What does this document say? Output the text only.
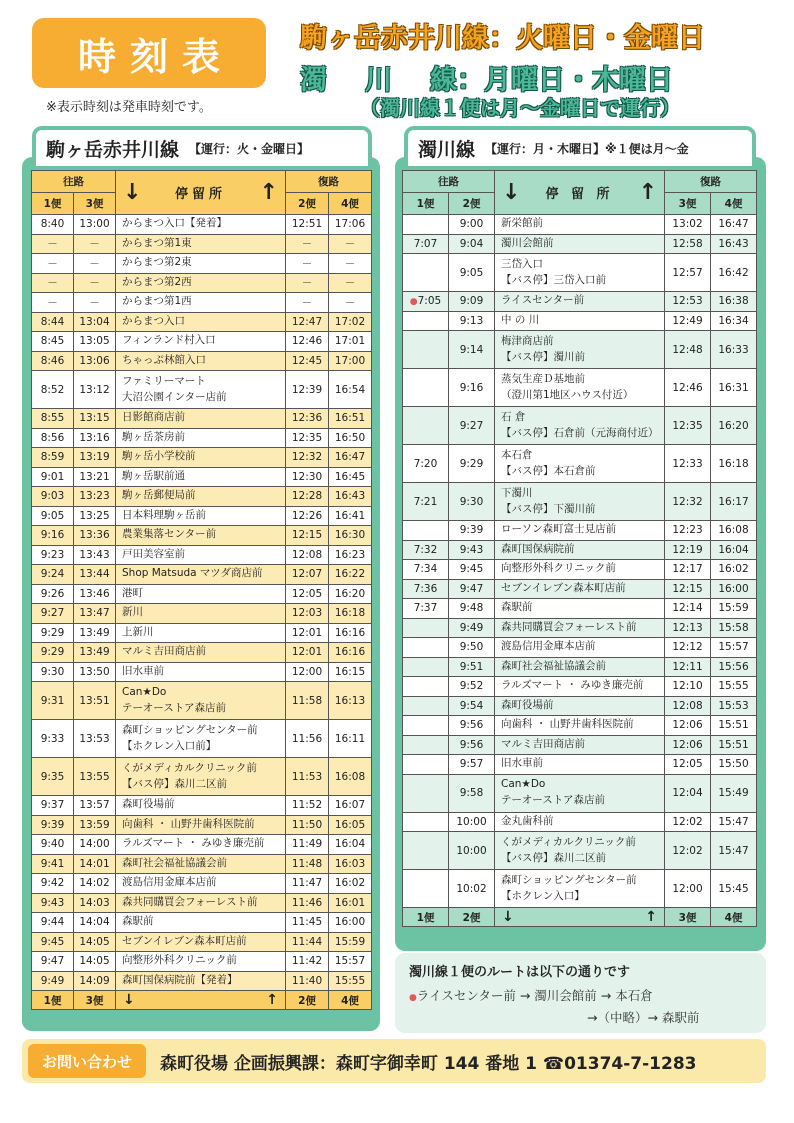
時刻表
※表示時刻は発車時刻です。
駒ヶ岳赤井川線：火曜日・金曜日
濁 川 線：月曜日・木曜日
（濁川線１便は月～金曜日で運行）
駒ヶ岳赤井川線 【運行：火・金曜日】	濁川線 【運行：月・木曜日】※１便は月～金
往路		↓ 停留所 ↑	復路	
1便	3便		2便	4便
8:40	13:00	からまつ入口【発着】	12:51	17:06
－	－	からまつ第1東	－	－
－	－	からまつ第2東	－	－
－	－	からまつ第2西	－	－
－	－	からまつ第1西	－	－
8:44	13:04	からまつ入口	12:47	17:02
8:45	13:05	フィンランド村入口	12:46	17:01
8:46	13:06	ちゃっぷ林館入口	12:45	17:00
8:52	13:12	ファミリーマート
大沼公園インター店前	12:39	16:54
8:55	13:15	日影館商店前	12:36	16:51
8:56	13:16	駒ヶ岳茶房前	12:35	16:50
8:59	13:19	駒ヶ岳小学校前	12:32	16:47
9:01	13:21	駒ヶ岳駅前通	12:30	16:45
9:03	13:23	駒ヶ岳郵便局前	12:28	16:43
9:05	13:25	日本料理駒ヶ岳前	12:26	16:41
9:16	13:36	農業集落センター前	12:15	16:30
9:23	13:43	戸田美容室前	12:08	16:23
9:24	13:44	Shop Matsuda マツダ商店前	12:07	16:22
9:26	13:46	港町	12:05	16:20
9:27	13:47	新川	12:03	16:18
9:29	13:49	上新川	12:01	16:16
9:29	13:49	マルミ吉田商店前	12:01	16:16
9:30	13:50	旧水車前	12:00	16:15
9:31	13:51	Can★Do
テーオーストア森店前	11:58	16:13
9:33	13:53	森町ショッピングセンター前
【ホクレン入口前】	11:56	16:11
9:35	13:55	くがメディカルクリニック前
【バス停】森川二区前	11:53	16:08
9:37	13:57	森町役場前	11:52	16:07
9:39	13:59	向歯科 ・ 山野井歯科医院前	11:50	16:05
9:40	14:00	ラルズマート ・ みゆき廉売前	11:49	16:04
9:41	14:01	森町社会福祉協議会前	11:48	16:03
9:42	14:02	渡島信用金庫本店前	11:47	16:02
9:43	14:03	森共同購買会フォーレスト前	11:46	16:01
9:44	14:04	森駅前	11:45	16:00
9:45	14:05	セブンイレブン森本町店前	11:44	15:59
9:47	14:05	向整形外科クリニック前	11:42	15:57
9:49	14:09	森町国保病院前【発着】	11:40	15:55
1便	3便	↓ ↑	2便	4便
往路		↓ 停 留 所 ↑	復路	
1便	2便		3便	4便
	9:00	新栄館前	13:02	16:47
7:07	9:04	濁川会館前	12:58	16:43
	9:05	三岱入口
【バス停】三岱入口前	12:57	16:42
●7:05	9:09	ライスセンター前	12:53	16:38
	9:13	中 の 川	12:49	16:34
	9:14	梅津商店前
【バス停】濁川前	12:48	16:33
	9:16	蒸気生産Ｄ基地前
（澄川第1地区ハウス付近）	12:46	16:31
	9:27	石 倉
【バス停】石倉前（元海商付近）	12:35	16:20
7:20	9:29	本石倉
【バス停】本石倉前	12:33	16:18
7:21	9:30	下濁川
【バス停】下濁川前	12:32	16:17
	9:39	ローソン森町富士見店前	12:23	16:08
7:32	9:43	森町国保病院前	12:19	16:04
7:34	9:45	向整形外科クリニック前	12:17	16:02
7:36	9:47	セブンイレブン森本町店前	12:15	16:00
7:37	9:48	森駅前	12:14	15:59
	9:49	森共同購買会フォーレスト前	12:13	15:58
	9:50	渡島信用金庫本店前	12:12	15:57
	9:51	森町社会福祉協議会前	12:11	15:56
	9:52	ラルズマート ・ みゆき廉売前	12:10	15:55
	9:54	森町役場前	12:08	15:53
	9:56	向歯科 ・ 山野井歯科医院前	12:06	15:51
	9:56	マルミ吉田商店前	12:06	15:51
	9:57	旧水車前	12:05	15:50
	9:58	Can★Do
テーオーストア森店前	12:04	15:49
	10:00	金丸歯科前	12:02	15:47
	10:00	くがメディカルクリニック前
【バス停】森川二区前	12:02	15:47
	10:02	森町ショッピングセンター前
【ホクレン入口】	12:00	15:45
1便	2便	↓ ↑	3便	4便
濁川線１便のルートは以下の通りです
●ライスセンター前 → 濁川会館前 → 本石倉
→（中略）→ 森駅前
お問い合わせ	森町役場 企画振興課：森町字御幸町 144 番地 1 ☎01374-7-1283
